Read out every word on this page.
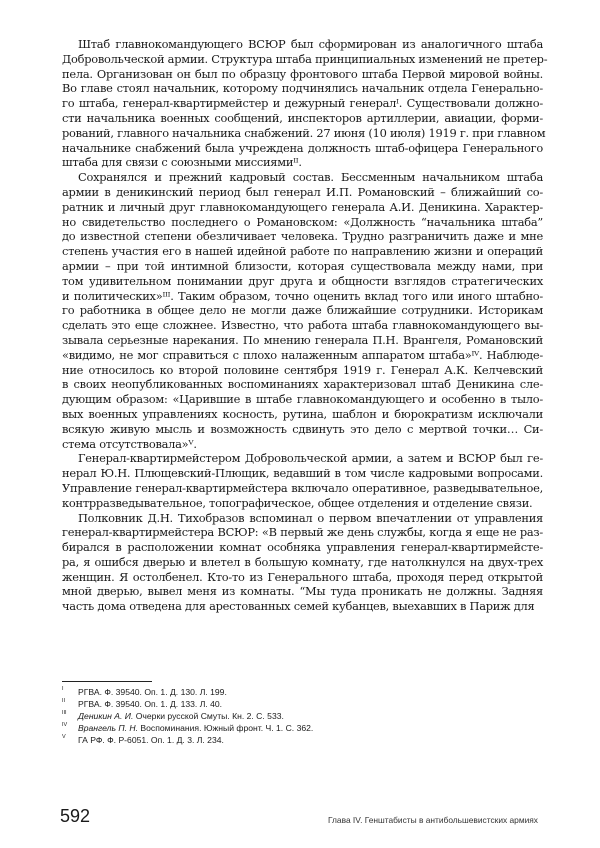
Штаб главнокомандующего ВСЮР был сформирован из аналогичного штаба
Добровольческой армии. Структура штаба принципиальных изменений не претер-
пела. Организован он был по образцу фронтового штаба Первой мировой войны.
Во главе стоял начальник, которому подчинялись начальник отдела Генерально-
го штаба, генерал-квартирмейстер и дежурный генералᴵ. Существовали должно-
сти начальника военных сообщений, инспекторов артиллерии, авиации, форми-
рований, главного начальника снабжений. 27 июня (10 июля) 1919 г. при главном
начальнике снабжений была учреждена должность штаб-офицера Генерального
штаба для связи с союзными миссиямиᴵᴵ.
Сохранялся и прежний кадровый состав. Бессменным начальником штаба
армии в деникинский период был генерал И.П. Романовский – ближайший со-
ратник и личный друг главнокомандующего генерала А.И. Деникина. Характер-
но свидетельство последнего о Романовском: «Должность “начальника штаба”
до известной степени обезличивает человека. Трудно разграничить даже и мне
степень участия его в нашей идейной работе по направлению жизни и операций
армии – при той интимной близости, которая существовала между нами, при
том удивительном понимании друг друга и общности взглядов стратегических
и политических»ᴵᴵᴵ. Таким образом, точно оценить вклад того или иного штабно-
го работника в общее дело не могли даже ближайшие сотрудники. Историкам
сделать это еще сложнее. Известно, что работа штаба главнокомандующего вы-
зывала серьезные нарекания. По мнению генерала П.Н. Врангеля, Романовский
«видимо, не мог справиться с плохо налаженным аппаратом штаба»ᴵⱽ. Наблюде-
ние относилось ко второй половине сентября 1919 г. Генерал А.К. Келчевский
в своих неопубликованных воспоминаниях характеризовал штаб Деникина сле-
дующим образом: «Царившие в штабе главнокомандующего и особенно в тыло-
вых военных управлениях косность, рутина, шаблон и бюрократизм исключали
всякую живую мысль и возможность сдвинуть это дело с мертвой точки… Си-
стема отсутствовала»ⱽ.
Генерал-квартирмейстером Добровольческой армии, а затем и ВСЮР был ге-
нерал Ю.Н. Плющевский-Плющик, ведавший в том числе кадровыми вопросами.
Управление генерал-квартирмейстера включало оперативное, разведывательное,
контрразведывательное, топографическое, общее отделения и отделение связи.
Полковник Д.Н. Тихобразов вспоминал о первом впечатлении от управления
генерал-квартирмейстера ВСЮР: «В первый же день службы, когда я еще не раз-
бирался в расположении комнат особняка управления генерал-квартирмейсте-
ра, я ошибся дверью и влетел в большую комнату, где натолкнулся на двух-трех
женщин. Я остолбенел. Кто-то из Генерального штаба, проходя перед открытой
мной дверью, вывел меня из комнаты. “Мы туда проникать не должны. Задняя
часть дома отведена для арестованных семей кубанцев, выехавших в Париж для
I РГВА. Ф. 39540. Оп. 1. Д. 130. Л. 199.
II РГВА. Ф. 39540. Оп. 1. Д. 133. Л. 40.
III Деникин А. И. Очерки русской Смуты. Кн. 2. С. 533.
IV Врангель П. Н. Воспоминания. Южный фронт. Ч. 1. С. 362.
V ГА РФ. Ф. Р-6051. Оп. 1. Д. 3. Л. 234.
592	Глава IV. Генштабисты в антибольшевистских армиях
